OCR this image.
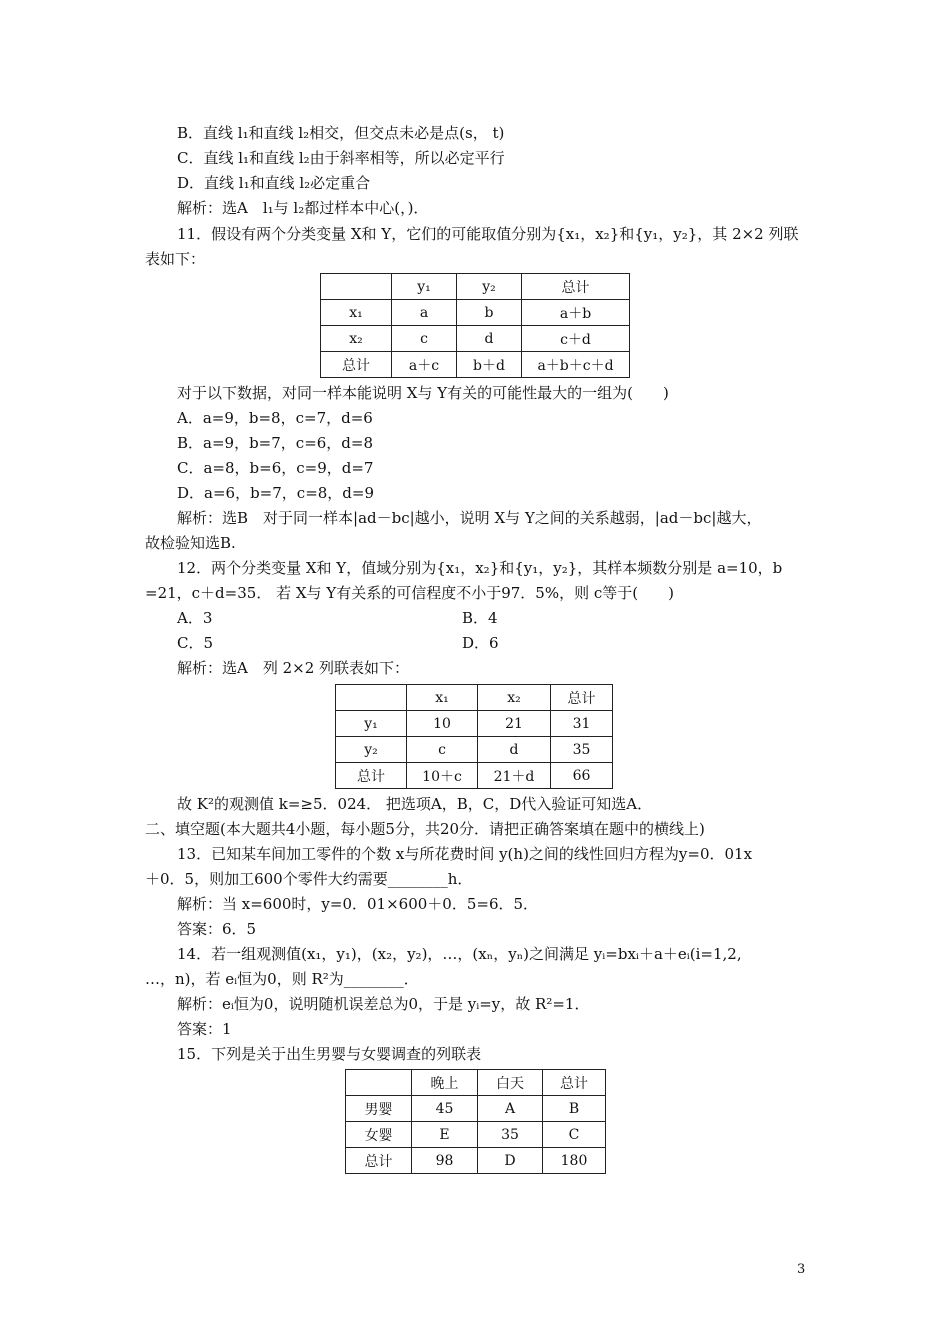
B．直线 l₁和直线 l₂相交，但交点未必是点(s， t)
C．直线 l₁和直线 l₂由于斜率相等，所以必定平行
D．直线 l₁和直线 l₂必定重合
解析：选A　l₁与 l₂都过样本中心(，)．
11．假设有两个分类变量 X和 Y，它们的可能取值分别为{x₁，x₂}和{y₁，y₂}，其 2×2 列联
表如下：
	y₁	y₂	总计
x₁	a	b	a＋b
x₂	c	d	c＋d
总计	a＋c	b＋d	a＋b＋c＋d
对于以下数据，对同一样本能说明 X与 Y有关的可能性最大的一组为(　　)
A．a=9，b=8，c=7，d=6
B．a=9，b=7，c=6，d=8
C．a=8，b=6，c=9，d=7
D．a=6，b=7，c=8，d=9
解析：选B　对于同一样本|ad－bc|越小，说明 X与 Y之间的关系越弱，|ad－bc|越大，
故检验知选B.
12．两个分类变量 X和 Y，值域分别为{x₁，x₂}和{y₁，y₂}，其样本频数分别是 a=10，b
=21，c＋d=35． 若 X与 Y有关系的可信程度不小于97．5%，则 c等于(　　)
A．3	B．4
C．5	D．6
解析：选A　列 2×2 列联表如下：
	x₁	x₂	总计
y₁	10	21	31
y₂	c	d	35
总计	10＋c	21＋d	66
故 K²的观测值 k=≥5．024． 把选项A，B，C，D代入验证可知选A．
二、填空题(本大题共4小题，每小题5分，共20分．请把正确答案填在题中的横线上)
13．已知某车间加工零件的个数 x与所花费时间 y(h)之间的线性回归方程为y=0．01x
＋0．5，则加工600个零件大约需要________h．
解析：当 x=600时，y=0．01×600＋0．5=6．5．
答案：6．5
14．若一组观测值(x₁，y₁)，(x₂，y₂)，…，(xₙ，yₙ)之间满足 yᵢ=bxᵢ＋a＋eᵢ(i=1,2,
…，n)，若 eᵢ恒为0，则 R²为________．
解析：eᵢ恒为0，说明随机误差总为0，于是 yᵢ=y，故 R²=1．
答案：1
15．下列是关于出生男婴与女婴调查的列联表
	晚上	白天	总计
男婴	45	A	B
女婴	E	35	C
总计	98	D	180
3
